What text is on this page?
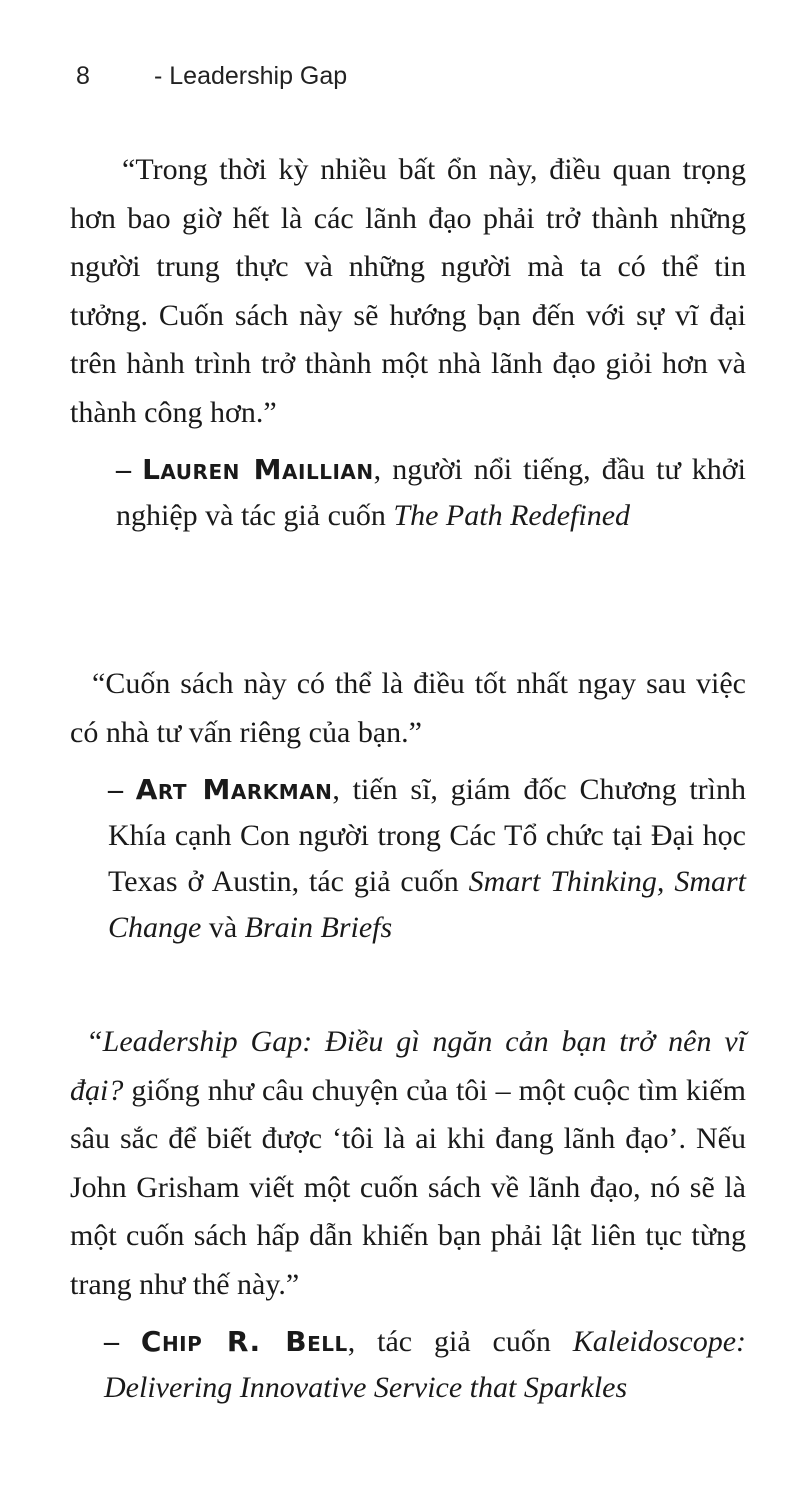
8	- Leadership Gap

“Trong thời kỳ nhiều bất ổn này, điều quan trọng hơn bao giờ hết là các lãnh đạo phải trở thành những người trung thực và những người mà ta có thể tin tưởng. Cuốn sách này sẽ hướng bạn đến với sự vĩ đại trên hành trình trở thành một nhà lãnh đạo giỏi hơn và thành công hơn.”

– Lauren Maillian, người nổi tiếng, đầu tư khởi nghiệp và tác giả cuốn The Path Redefined

“Cuốn sách này có thể là điều tốt nhất ngay sau việc có nhà tư vấn riêng của bạn.”

– Art Markman, tiến sĩ, giám đốc Chương trình Khía cạnh Con người trong Các Tổ chức tại Đại học Texas ở Austin, tác giả cuốn Smart Thinking, Smart Change và Brain Briefs

“Leadership Gap: Điều gì ngăn cản bạn trở nên vĩ đại? giống như câu chuyện của tôi – một cuộc tìm kiếm sâu sắc để biết được ‘tôi là ai khi đang lãnh đạo’. Nếu John Grisham viết một cuốn sách về lãnh đạo, nó sẽ là một cuốn sách hấp dẫn khiến bạn phải lật liên tục từng trang như thế này.”

– Chip R. Bell, tác giả cuốn Kaleidoscope: Delivering Innovative Service that Sparkles
